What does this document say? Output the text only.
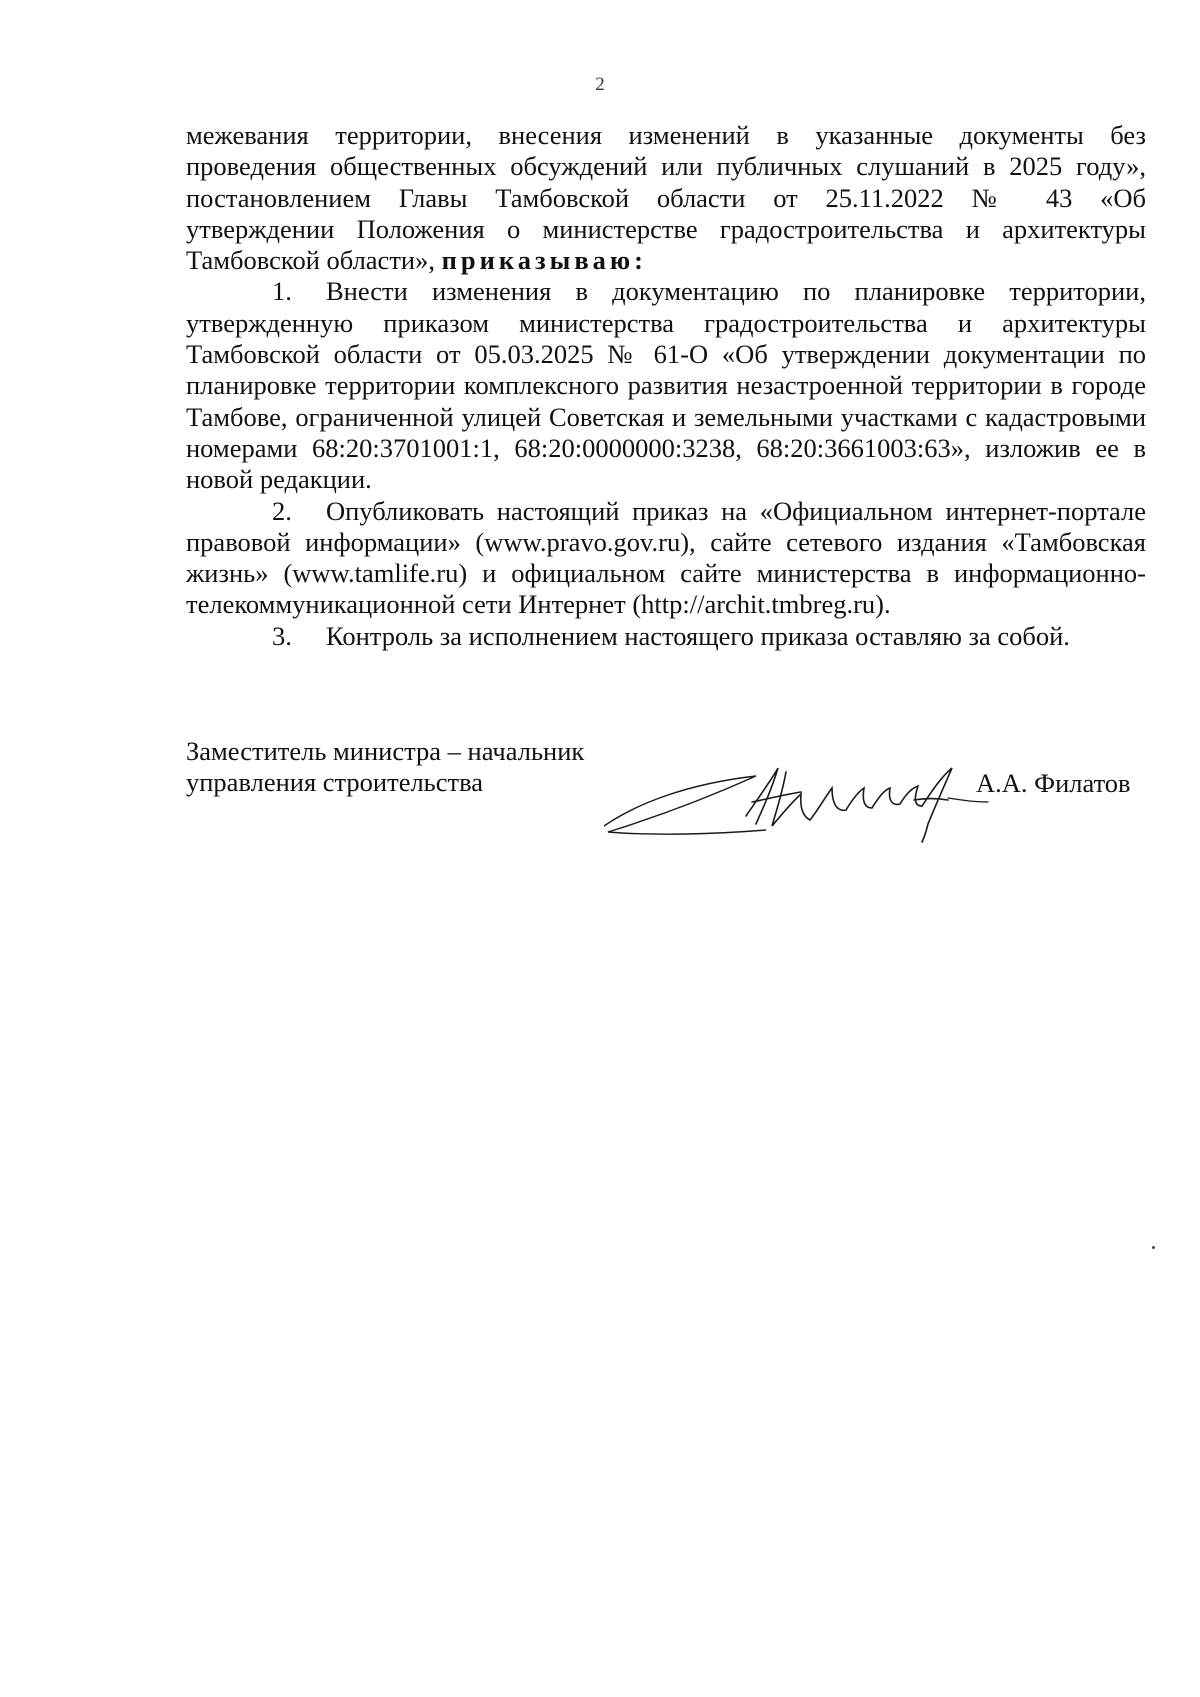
2
межевания территории, внесения изменений в указанные документы без
проведения общественных обсуждений или публичных слушаний в 2025 году»,
постановлением Главы Тамбовской области от 25.11.2022 № 43 «Об
утверждении Положения о министерстве градостроительства и архитектуры
Тамбовской области», приказываю:

1. Внести изменения в документацию по планировке территории, утвержденную приказом министерства градостроительства и архитектуры Тамбовской области от 05.03.2025 № 61-О «Об утверждении документации по планировке территории комплексного развития незастроенной территории в городе Тамбове, ограниченной улицей Советская и земельными участками с кадастровыми номерами 68:20:3701001:1, 68:20:0000000:3238, 68:20:3661003:63», изложив ее в новой редакции.

2. Опубликовать настоящий приказ на «Официальном интернет-портале правовой информации» (www.pravo.gov.ru), сайте сетевого издания «Тамбовская жизнь» (www.tamlife.ru) и официальном сайте министерства в информационно-телекоммуникационной сети Интернет (http://archit.tmbreg.ru).

3. Контроль за исполнением настоящего приказа оставляю за собой.

Заместитель министра – начальник
управления строительства	А.А. Филатов
